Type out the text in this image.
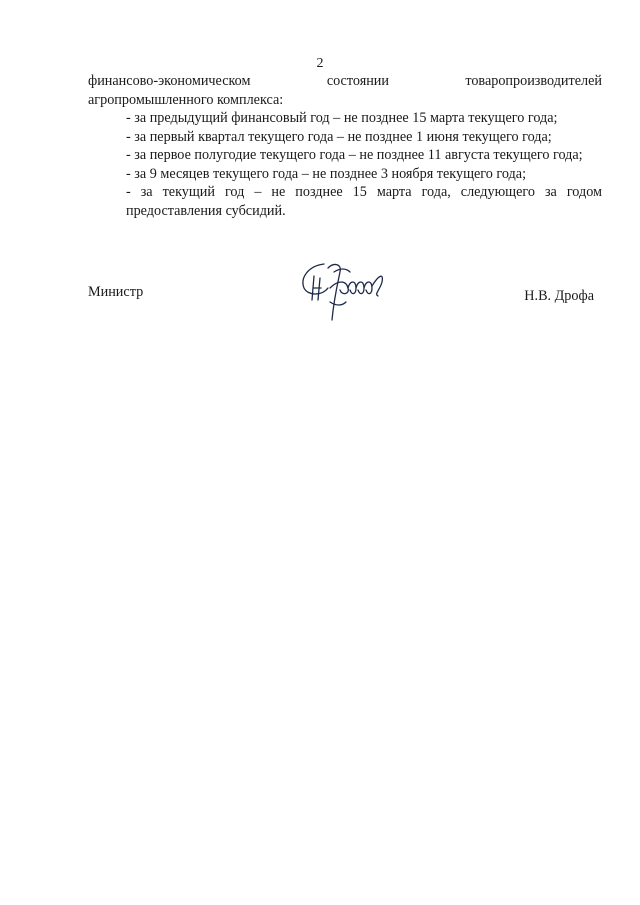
2
финансово-экономическом	состоянии	товаропроизводителей
агропромышленного комплекса:
- за предыдущий финансовый год – не позднее 15 марта текущего года;
- за первый квартал текущего года – не позднее 1 июня текущего года;
- за первое полугодие текущего года – не позднее 11 августа текущего года;
- за 9 месяцев текущего года – не позднее 3 ноября текущего года;
- за текущий год – не позднее 15 марта года, следующего за годом предоставления субсидий.
Министр	Н.В. Дрофа
